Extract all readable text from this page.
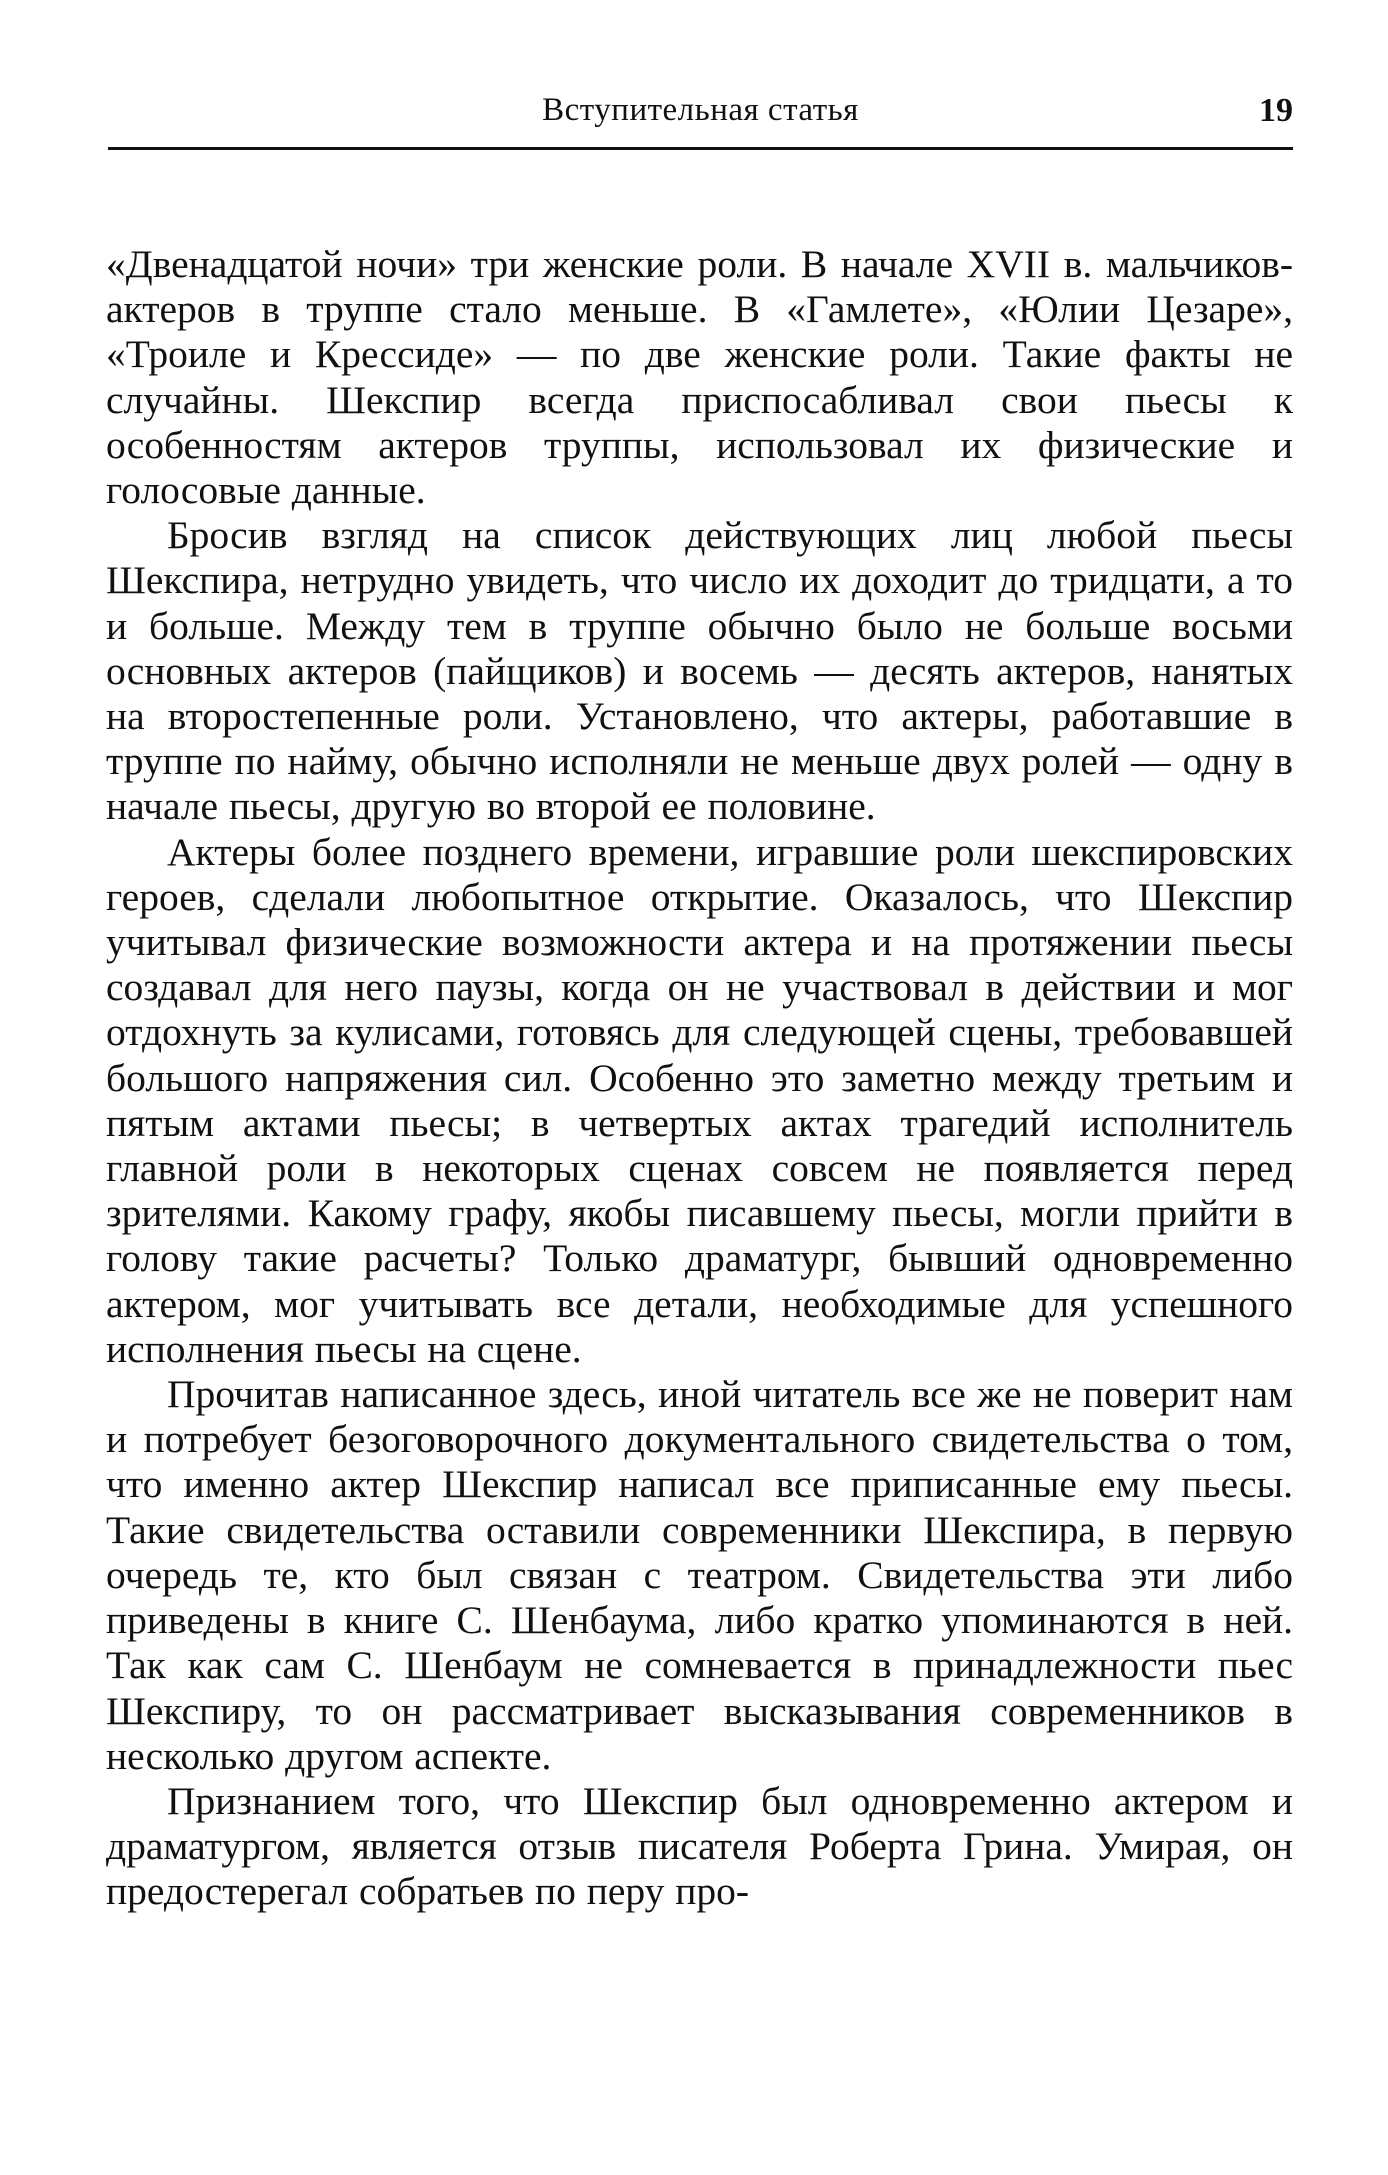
Вступительная статья	19

«Двенадцатой ночи» три женские роли. В начале XVII в. мальчиков-актеров в труппе стало меньше. В «Гамлете», «Юлии Цезаре», «Троиле и Крессиде» — по две женские роли. Такие факты не случайны. Шекспир всегда приспосабливал свои пьесы к особенностям актеров труппы, использовал их физические и голосовые данные.

Бросив взгляд на список действующих лиц любой пьесы Шекспира, нетрудно увидеть, что число их доходит до тридцати, а то и больше. Между тем в труппе обычно было не больше восьми основных актеров (пайщиков) и восемь — десять актеров, нанятых на второстепенные роли. Установлено, что актеры, работавшие в труппе по найму, обычно исполняли не меньше двух ролей — одну в начале пьесы, другую во второй ее половине.

Актеры более позднего времени, игравшие роли шекспировских героев, сделали любопытное открытие. Оказалось, что Шекспир учитывал физические возможности актера и на протяжении пьесы создавал для него паузы, когда он не участвовал в действии и мог отдохнуть за кулисами, готовясь для следующей сцены, требовавшей большого напряжения сил. Особенно это заметно между третьим и пятым актами пьесы; в четвертых актах трагедий исполнитель главной роли в некоторых сценах совсем не появляется перед зрителями. Какому графу, якобы писавшему пьесы, могли прийти в голову такие расчеты? Только драматург, бывший одновременно актером, мог учитывать все детали, необходимые для успешного исполнения пьесы на сцене.

Прочитав написанное здесь, иной читатель все же не поверит нам и потребует безоговорочного документального свидетельства о том, что именно актер Шекспир написал все приписанные ему пьесы. Такие свидетельства оставили современники Шекспира, в первую очередь те, кто был связан с театром. Свидетельства эти либо приведены в книге С. Шенбаума, либо кратко упоминаются в ней. Так как сам С. Шенбаум не сомневается в принадлежности пьес Шекспиру, то он рассматривает высказывания современников в несколько другом аспекте.

Признанием того, что Шекспир был одновременно актером и драматургом, является отзыв писателя Роберта Грина. Умирая, он предостерегал собратьев по перу про-
